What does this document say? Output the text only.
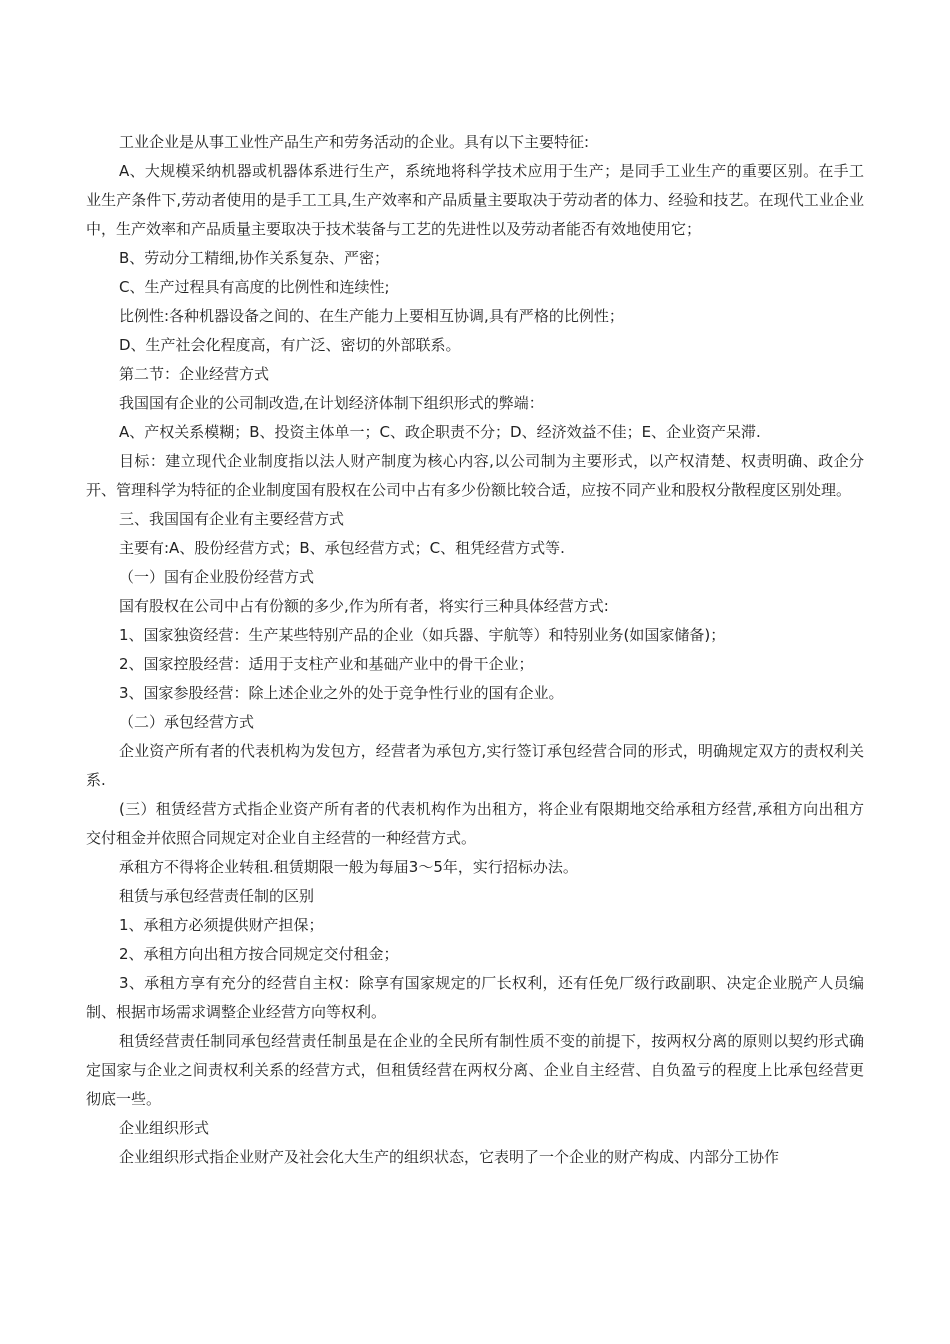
工业企业是从事工业性产品生产和劳务活动的企业。具有以下主要特征:

A、大规模采纳机器或机器体系进行生产，系统地将科学技术应用于生产；是同手工业生产的重要区别。在手工业生产条件下,劳动者使用的是手工工具,生产效率和产品质量主要取决于劳动者的体力、经验和技艺。在现代工业企业中，生产效率和产品质量主要取决于技术装备与工艺的先进性以及劳动者能否有效地使用它；

B、劳动分工精细,协作关系复杂、严密；

C、生产过程具有高度的比例性和连续性;

比例性:各种机器设备之间的、在生产能力上要相互协调,具有严格的比例性；

D、生产社会化程度高，有广泛、密切的外部联系。

第二节：企业经营方式

我国国有企业的公司制改造,在计划经济体制下组织形式的弊端：

A、产权关系模糊；B、投资主体单一；C、政企职责不分；D、经济效益不佳；E、企业资产呆滞.

目标：建立现代企业制度指以法人财产制度为核心内容,以公司制为主要形式，以产权清楚、权责明确、政企分开、管理科学为特征的企业制度国有股权在公司中占有多少份额比较合适，应按不同产业和股权分散程度区别处理。

三、我国国有企业有主要经营方式

主要有:A、股份经营方式；B、承包经营方式；C、租凭经营方式等.

（一）国有企业股份经营方式

国有股权在公司中占有份额的多少,作为所有者，将实行三种具体经营方式:

1、国家独资经营：生产某些特别产品的企业（如兵器、宇航等）和特别业务(如国家储备)；

2、国家控股经营：适用于支柱产业和基础产业中的骨干企业；

3、国家参股经营：除上述企业之外的处于竞争性行业的国有企业。

（二）承包经营方式

企业资产所有者的代表机构为发包方，经营者为承包方,实行签订承包经营合同的形式，明确规定双方的责权利关系.

(三）租赁经营方式指企业资产所有者的代表机构作为出租方，将企业有限期地交给承租方经营,承租方向出租方交付租金并依照合同规定对企业自主经营的一种经营方式。

承租方不得将企业转租.租赁期限一般为每届3～5年，实行招标办法。

租赁与承包经营责任制的区别

1、承租方必须提供财产担保；

2、承租方向出租方按合同规定交付租金；

3、承租方享有充分的经营自主权：除享有国家规定的厂长权利，还有任免厂级行政副职、决定企业脱产人员编制、根据市场需求调整企业经营方向等权利。

租赁经营责任制同承包经营责任制虽是在企业的全民所有制性质不变的前提下，按两权分离的原则以契约形式确定国家与企业之间责权利关系的经营方式，但租赁经营在两权分离、企业自主经营、自负盈亏的程度上比承包经营更彻底一些。

企业组织形式

企业组织形式指企业财产及社会化大生产的组织状态，它表明了一个企业的财产构成、内部分工协作
